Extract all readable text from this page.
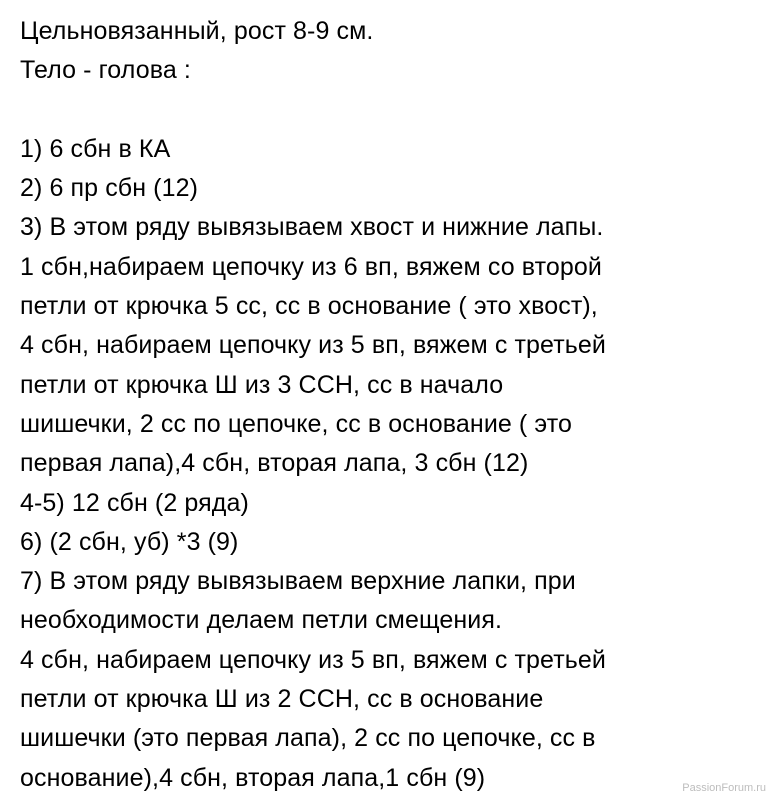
Цельновязанный, рост 8-9 см.
Тело - голова :
1) 6 сбн в КА
2) 6 пр сбн (12)
3) В этом ряду вывязываем хвост и нижние лапы.
1 сбн,набираем цепочку из 6 вп, вяжем со второй
петли от крючка 5 сс, сс в основание ( это хвост),
4 сбн, набираем цепочку из 5 вп, вяжем с третьей
петли от крючка Ш из 3 ССН, сс в начало
шишечки, 2 сс по цепочке, сс в основание ( это
первая лапа),4 сбн, вторая лапа, 3 сбн (12)
4-5) 12 сбн (2 ряда)
6) (2 сбн, уб) *3 (9)
7) В этом ряду вывязываем верхние лапки, при
необходимости делаем петли смещения.
4 сбн, набираем цепочку из 5 вп, вяжем с третьей
петли от крючка Ш из 2 ССН, сс в основание
шишечки (это первая лапа), 2 сс по цепочке, сс в
основание),4 сбн, вторая лапа,1 сбн (9)	PassionForum.ru
